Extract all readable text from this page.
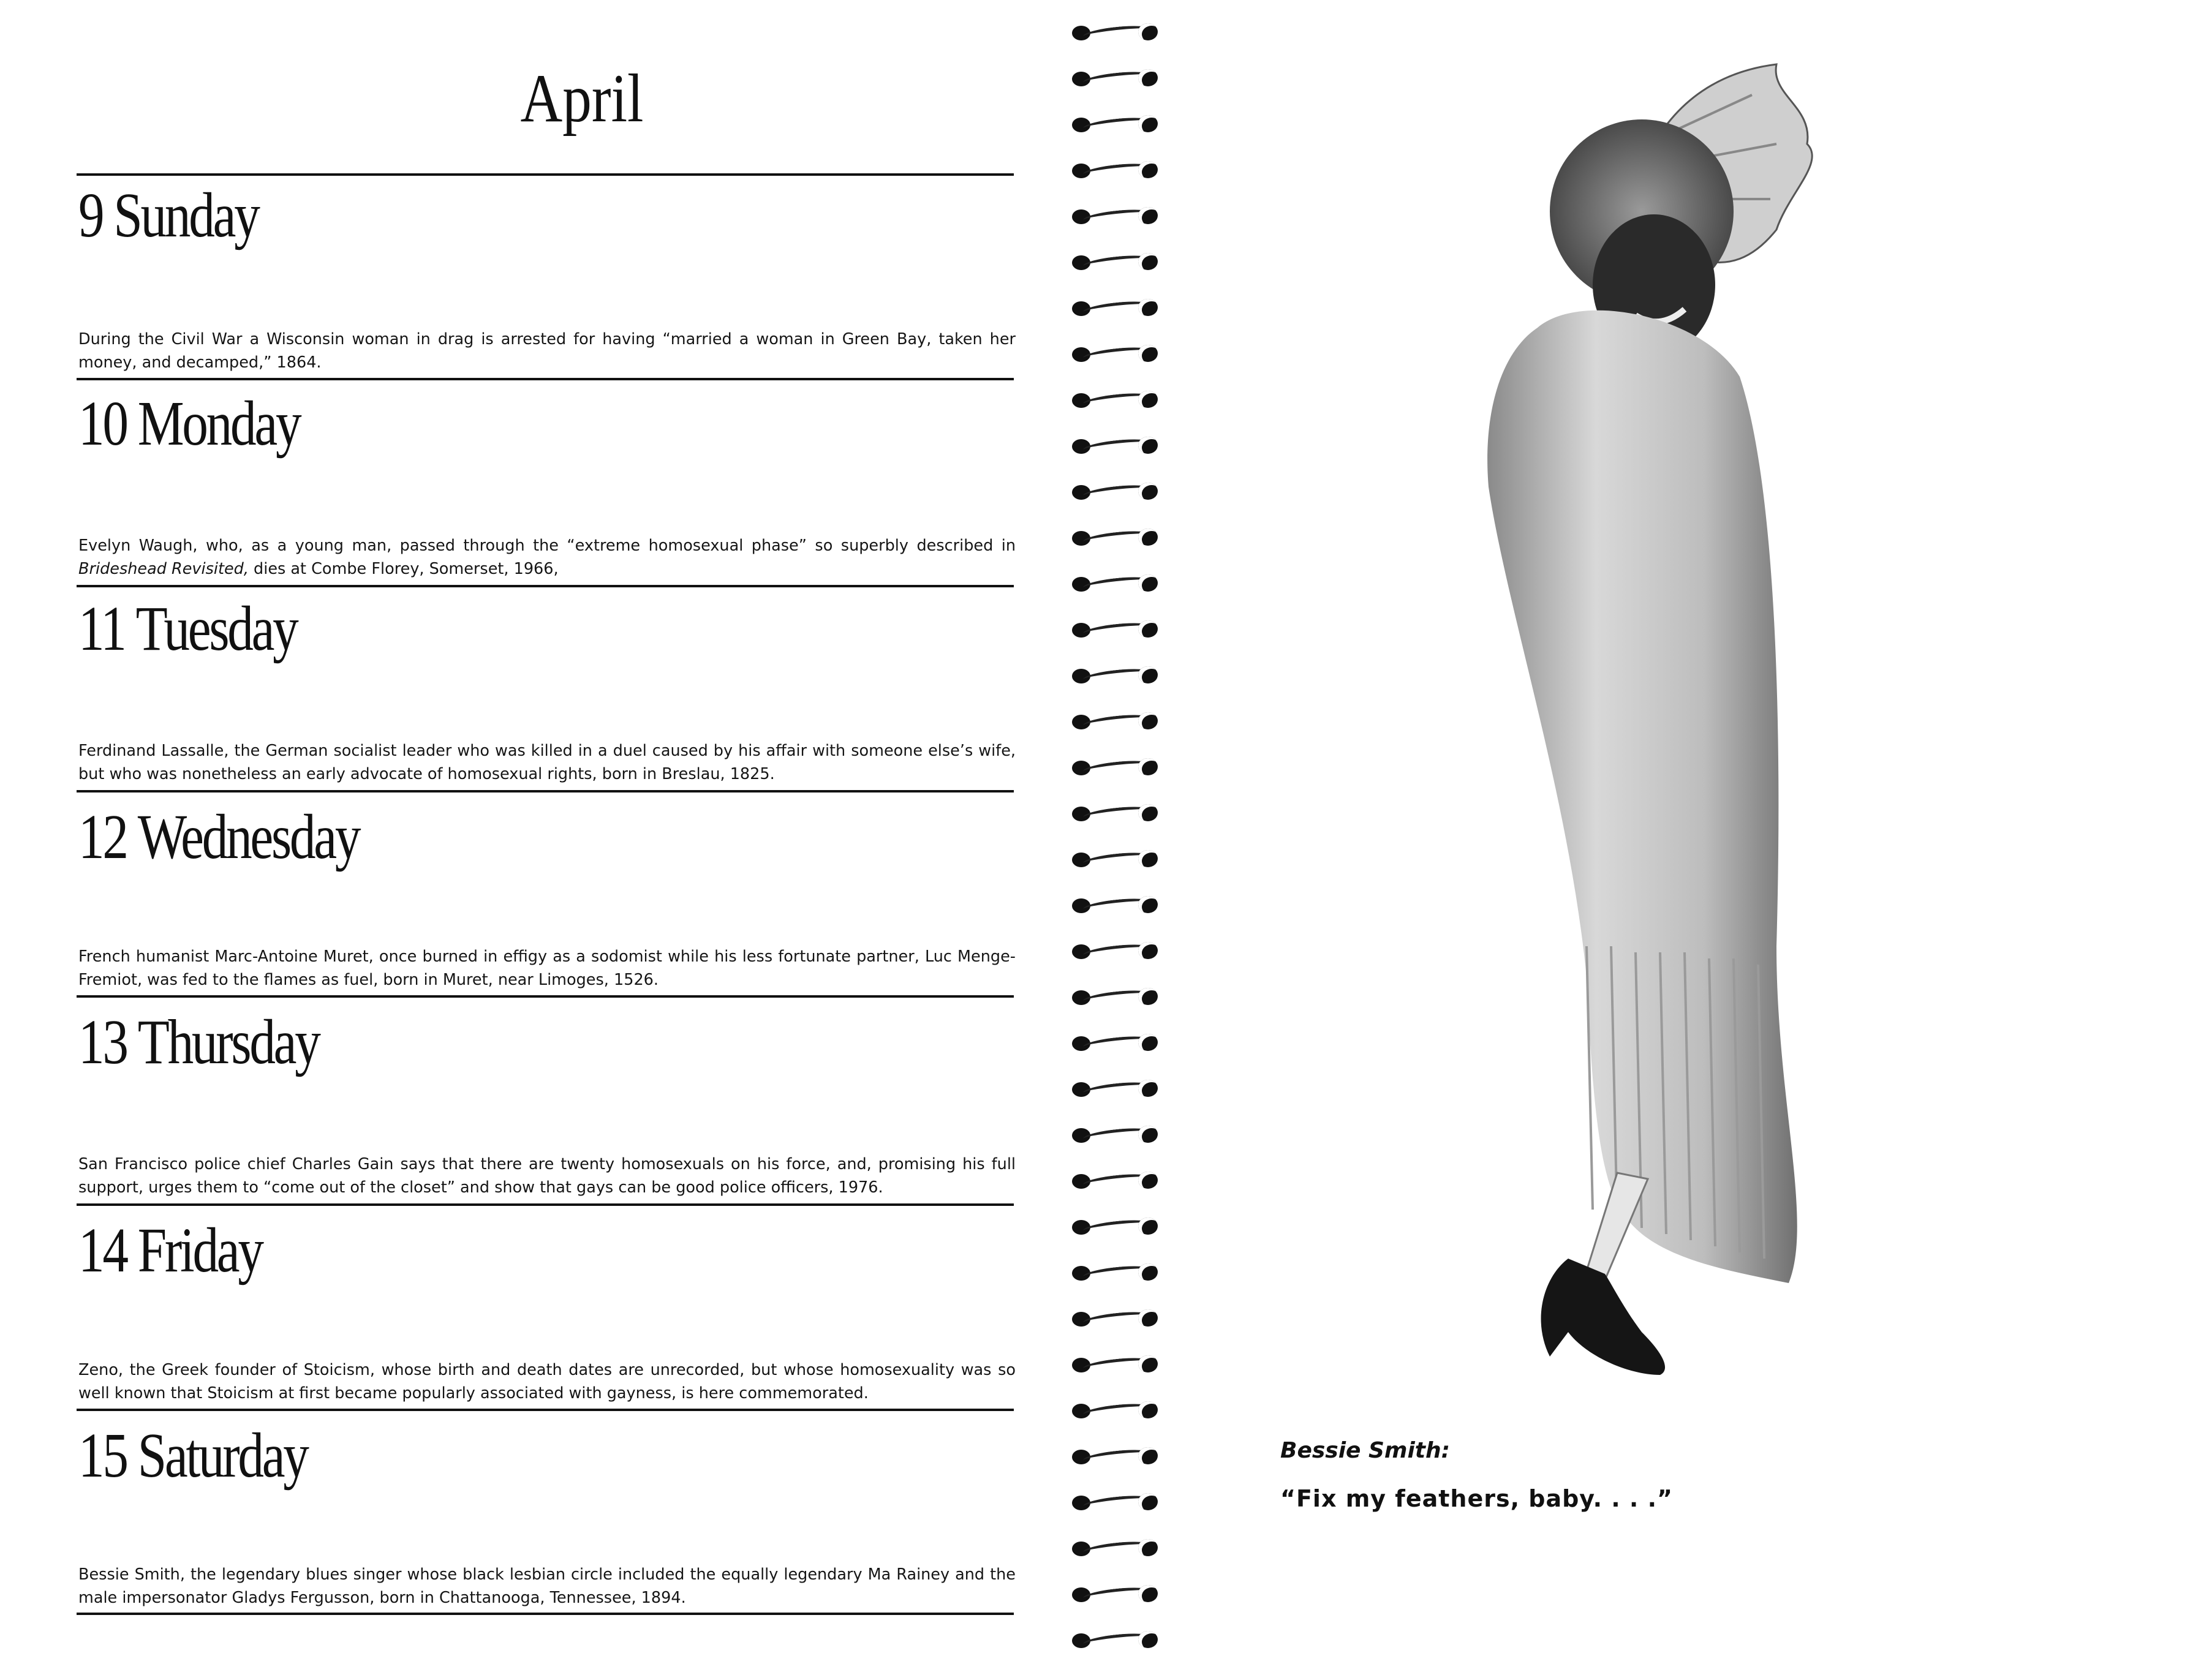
April
9 Sunday
During the Civil War a Wisconsin woman in drag is arrested for having “married a woman in Green Bay, taken her money, and decamped,” 1864.
10 Monday
Evelyn Waugh, who, as a young man, passed through the “extreme homosexual phase” so superbly described in Brideshead Revisited, dies at Combe Florey, Somerset, 1966,
11 Tuesday
Ferdinand Lassalle, the German socialist leader who was killed in a duel caused by his affair with someone else’s wife, but who was nonetheless an early advocate of homosexual rights, born in Breslau, 1825.
12 Wednesday
French humanist Marc-Antoine Muret, once burned in effigy as a sodomist while his less fortunate partner, Luc Menge-Fremiot, was fed to the flames as fuel, born in Muret, near Limoges, 1526.
13 Thursday
San Francisco police chief Charles Gain says that there are twenty homosexuals on his force, and, promising his full support, urges them to “come out of the closet” and show that gays can be good police officers, 1976.
14 Friday
Zeno, the Greek founder of Stoicism, whose birth and death dates are unrecorded, but whose homosexuality was so well known that Stoicism at first became popularly associated with gayness, is here commemorated.
15 Saturday
Bessie Smith, the legendary blues singer whose black lesbian circle included the equally legendary Ma Rainey and the male impersonator Gladys Fergusson, born in Chattanooga, Tennessee, 1894.
Bessie Smith:
“Fix my feathers, baby. . . .”
